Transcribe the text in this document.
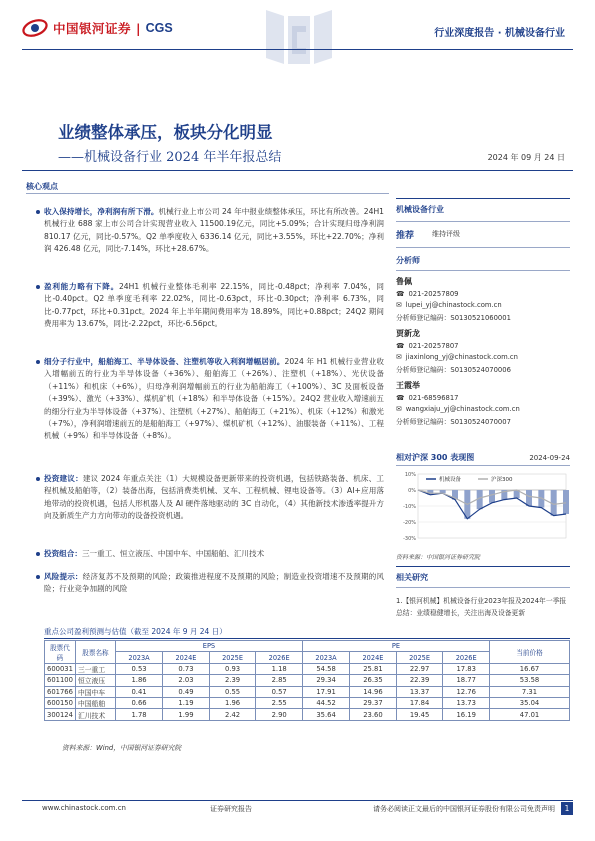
中国银河证券 | CGS	行业深度报告 · 机械设备行业
业绩整体承压，板块分化明显
——机械设备行业 2024 年半年报总结	2024 年 09 月 24 日
核心观点
收入保持增长，净利润有所下滑。机械行业上市公司 24 年中报业绩整体承压，环比有所改善。24H1 机械行业 688 家上市公司合计实现营业收入 11500.19亿元，同比+5.09%；合计实现归母净利润 810.17 亿元，同比-0.57%。Q2 单季度收入 6336.14 亿元，同比+3.55%，环比+22.70%；净利润 426.48 亿元，同比-7.14%，环比+28.67%。
盈利能力略有下降。24H1 机械行业整体毛利率 22.15%，同比-0.48pct；净利率 7.04%，同比-0.40pct。Q2 单季度毛利率 22.02%，同比-0.63pct，环比-0.30pct；净利率 6.73%，同比-0.77pct，环比+0.31pct。2024 年上半年期间费用率为 18.89%，同比+0.88pct；24Q2 期间费用率为 13.67%，同比-2.22pct，环比-6.56pct。
细分子行业中，船舶海工、半导体设备、注塑机等收入利润增幅居前。2024 年 H1 机械行业营业收入增幅前五的行业为半导体设备（+36%）、船舶海工（+26%）、注塑机（+18%）、光伏设备（+11%）和机床（+6%），归母净利润增幅前五的行业为船舶海工（+100%）、3C 及面板设备（+39%）、激光（+33%）、煤机矿机（+18%）和半导体设备（+15%）。24Q2 营业收入增速前五的细分行业为半导体设备（+37%）、注塑机（+27%）、船舶海工（+21%）、机床（+12%）和激光（+7%），净利润增速前五的是船舶海工（+97%）、煤机矿机（+12%）、油服装备（+11%）、工程机械（+9%）和半导体设备（+8%）。
投资建议：建议 2024 年重点关注（1）大规模设备更新带来的投资机遇，包括铁路装备、机床、工程机械及船舶等，（2）装备出海，包括消费类机械、叉车、工程机械、锂电设备等。（3）AI+应用落地带动的投资机遇，包括人形机器人及 AI 硬件落地驱动的 3C 自动化，（4）其他新技术渗透率提升方向及新质生产力方向带动的设备投资机遇。
投资组合：三一重工、恒立液压、中国中车、中国船舶、汇川技术
风险提示：经济复苏不及预期的风险；政策推进程度不及预期的风险；制造业投资增速不及预期的风险；行业竞争加剧的风险
机械设备行业
推荐	维持评级
分析师
鲁佩
☎ 021-20257809
✉ lupei_yj@chinastock.com.cn
分析师登记编码：S0130521060001
贾新龙
☎ 021-20257807
✉ jiaxinlong_yj@chinastock.com.cn
分析师登记编码：S0130524070006
王霞举
☎ 021-68596817
✉ wangxiaju_yj@chinastock.com.cn
分析师登记编码：S0130524070007
相对沪深 300 表现图	2024-09-24
10%
0%
-10%
-20%
-30%
机械设备	沪深300
资料来源：中国银河证券研究院
相关研究
1.【银河机械】机械设备行业2023年报及2024年一季报总结：业绩稳健增长，关注出海及设备更新
重点公司盈利预测与估值（截至 2024 年 9 月 24 日）
股票代码	股票名称	EPS				PE				当前价格
		2023A	2024E	2025E	2026E	2023A	2024E	2025E	2026E	
600031	三一重工	0.53	0.73	0.93	1.18	54.58	25.81	22.97	17.83	16.67
601100	恒立液压	1.86	2.03	2.39	2.85	29.34	26.35	22.39	18.77	53.58
601766	中国中车	0.41	0.49	0.55	0.57	17.91	14.96	13.37	12.76	7.31
600150	中国船舶	0.66	1.19	1.96	2.55	44.52	29.37	17.84	13.73	35.04
300124	汇川技术	1.78	1.99	2.42	2.90	35.64	23.60	19.45	16.19	47.01
资料来源：Wind，中国银河证券研究院
www.chinastock.com.cn	证券研究报告	请务必阅读正文最后的中国银河证券股份有限公司免责声明	1
